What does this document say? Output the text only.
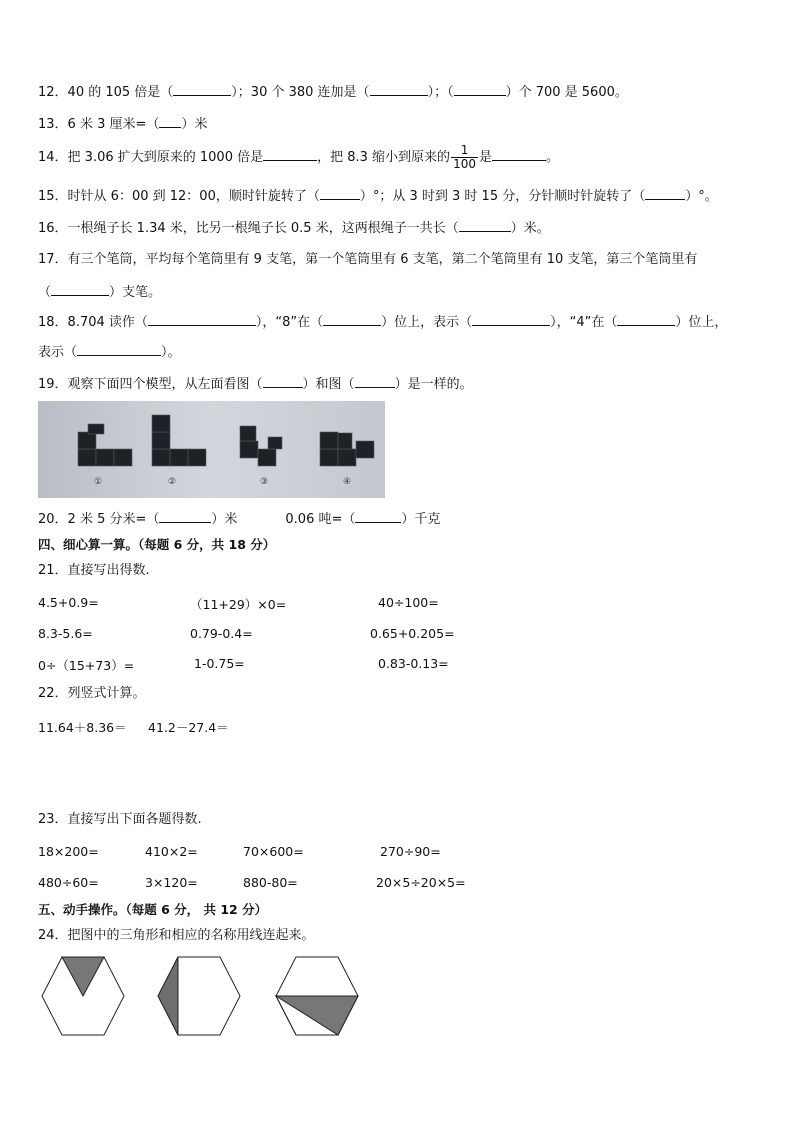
12．40 的 105 倍是（	）；30 个 380 连加是（	）；（	）个 700 是 5600。
13．6 米 3 厘米=（ ）米
14．把 3.06 扩大到原来的 1000 倍是	，把 8.3 缩小到原来的 $\frac{1}{100}$ 是	。
15．时针从 6：00 到 12：00，顺时针旋转了（	）°；从 3 时到 3 时 15 分，分针顺时针旋转了（	）°。
16．一根绳子长 1.34 米，比另一根绳子长 0.5 米，这两根绳子一共长（	）米。
17．有三个笔筒，平均每个笔筒里有 9 支笔，第一个笔筒里有 6 支笔，第二个笔筒里有 10 支笔，第三个笔筒里有
（	）支笔。
18．8.704 读作（	），“8”在（	）位上，表示（	），“4”在（	）位上，
表示（	）。
19．观察下面四个模型，从左面看图（	）和图（	）是一样的。
①	②	③	④
20．2 米 5 分米=（	）米	0.06 吨=（	）千克
四、细心算一算。（每题 6 分，共 18 分）
21．直接写出得数.
4.5+0.9=	（11+29）×0=	40÷100=
8.3-5.6=	0.79-0.4=	0.65+0.205=
0÷（15+73）=	1-0.75=	0.83-0.13=
22．列竖式计算。
11.64＋8.36＝ 41.2－27.4＝
23．直接写出下面各题得数.
18×200=	410×2=	70×600=	270÷90=
480÷60=	3×120=	880-80=	20×5÷20×5=
五、动手操作。（每题 6 分， 共 12 分）
24．把图中的三角形和相应的名称用线连起来。
